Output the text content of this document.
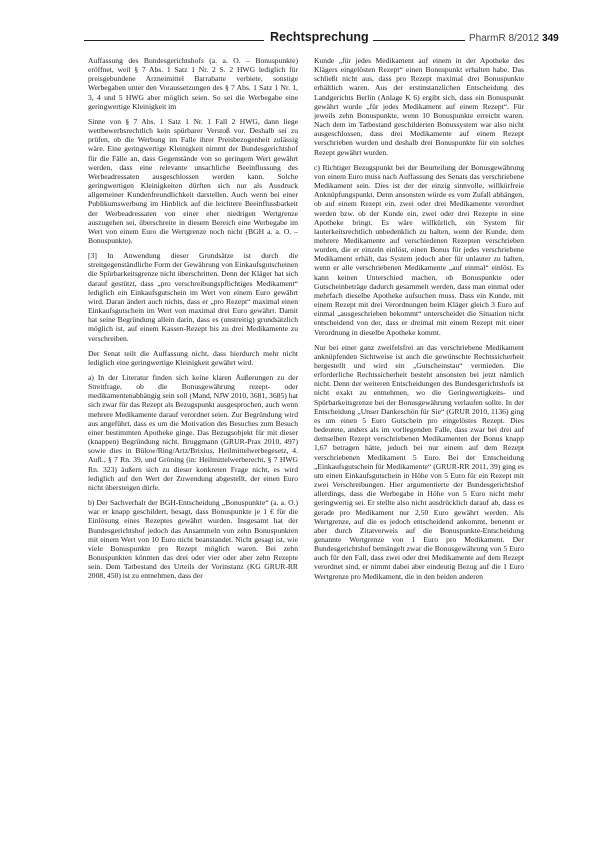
Rechtsprechung	PharmR 8/2012 349

Auffassung des Bundesgerichtshofs (a. a. O. – Bonuspunkte) eröffnet, weil § 7 Abs. 1 Satz 1 Nr. 2 S. 2 HWG lediglich für preisgebundene Arzneimittel Barrabatte verbiete, sonstige Werbegaben unter den Voraussetzungen des § 7 Abs. 1 Satz 1 Nr. 1, 3, 4 und 5 HWG aber möglich seien. So sei die Werbegabe eine geringwertige Kleinigkeit im

Sinne von § 7 Abs. 1 Satz 1 Nr. 1 Fall 2 HWG, dann liege wettbewerbsrechtlich kein spürbarer Verstoß vor. Deshalb sei zu prüfen, ob die Werbung im Falle ihrer Preisbezogenheit zulässig wäre. Eine geringwertige Kleinigkeit nimmt der Bundesgerichtshof für die Fälle an, dass Gegenstände von so geringem Wert gewährt werden, dass eine relevante unsachliche Beeinflussung des Werbeadressaten ausgeschlossen werden kann. Solche geringwertigen Kleinigkeiten dürften sich nur als Ausdruck allgemeiner Kundenfreundlichkeit darstellen. Auch wenn bei einer Publikumswerbung im Hinblick auf die leichtere Beeinflussbarkeit der Werbeadressaten von einer eher niedrigen Wertgrenze auszugehen sei, überschreite in diesem Bereich eine Werbegabe im Wert von einem Euro die Wertgrenze noch nicht (BGH a. a. O. – Bonuspunkte).

[3] In Anwendung dieser Grundsätze ist durch die streitgegenständliche Form der Gewährung von Einkaufsgutscheinen die Spürbarkeitsgrenze nicht überschritten. Denn der Kläger hat sich darauf gestützt, dass „pro verschreibungspflichtiges Medikament“ lediglich ein Einkaufsgutschein im Wert von einem Euro gewährt wird. Daran ändert auch nichts, dass er „pro Rezept“ maximal einen Einkaufsgutschein im Wert von maximal drei Euro gewährt. Damit hat seine Begründung allein darin, dass es (unstreitig) grundsätzlich möglich ist, auf einem Kassen-Rezept bis zu drei Medikamente zu verschreiben.

Der Senat teilt die Auffassung nicht, dass hierdurch mehr nicht lediglich eine geringwertige Kleinigkeit gewährt wird.

a) In der Literatur finden sich keine klaren Äußerungen zu der Streitfrage, ob die Bonusgewährung rezept- oder medikamentenabhängig sein soll (Mand, NJW 2010, 3681, 3685) hat sich zwar für das Rezept als Bezugspunkt ausgesprochen, auch wenn mehrere Medikamente darauf verordnet seien. Zur Begründung wird aus angeführt, dass es um die Motivation des Besuches zum Besuch einer bestimmten Apotheke ginge. Das Bezugsobjekt für mit dieser (knappen) Begründung nicht. Bruggmann (GRUR-Prax 2010, 497) sowie dies in Bülow/Ring/Artz/Brixius, Heilmittelwerbegesetz, 4. Aufl., § 7 Rn. 39, und Gröning (in: Heilmittelwerberecht, § 7 HWG Rn. 323) äußern sich zu dieser konkreten Frage nicht, es wird lediglich auf den Wert der Zuwendung abgestellt, der einen Euro nicht übersteigen dürfe.

b) Der Sachverhalt der BGH-Entscheidung „Bonuspunkte“ (a. a. O.) war er knapp geschildert, besagt, dass Bonuspunkte je 1 € für die Einlösung eines Rezeptes gewährt wurden. Insgesamt hat der Bundesgerichtshof jedoch das Ansammeln von zehn Bonuspunkten mit einem Wert von 10 Euro nicht beanstandet. Nicht gesagt ist, wie viele Bonuspunkte pro Rezept möglich waren. Bei zehn Bonuspunkten könnten das drei oder vier oder aber zehn Rezepte sein. Dem Tatbestand des Urteils der Vorinstanz (KG GRUR-RR 2008, 450) ist zu entnehmen, dass der

Kunde „für jedes Medikament auf einem in der Apotheke des Klägers eingelösten Rezept“ einen Bonuspunkt erhalten habe. Das schließt nicht aus, dass pro Rezept maximal drei Bonuspunkte erhältlich waren. Aus der erstinstanzlichen Entscheidung des Landgerichts Berlin (Anlage K 6) ergibt sich, dass ein Bonuspunkt gewährt wurde „für jedes Medikament auf einem Rezept“. Für jeweils zehn Bonuspunkte, wenn 10 Bonuspunkte erreicht waren. Nach dem im Tatbestand geschilderten Bonussystem war also nicht ausgeschlossen, dass drei Medikamente auf einem Rezept verschrieben wurden und deshalb drei Bonuspunkte für ein solches Rezept gewährt wurden.

c) Richtiger Bezugspunkt bei der Beurteilung der Bonusgewährung von einem Euro muss nach Auffassung des Senats das verschriebene Medikament sein. Dies ist der der einzig sinnvolle, willkürfreie Anknüpfungspunkt. Denn ansonsten würde es vom Zufall abhängen, ob auf einem Rezept ein, zwei oder drei Medikamente verordnet werden bzw. ob der Kunde ein, zwei oder drei Rezepte in eine Apotheke bringt. Es wäre willkürlich, ein System für lauterkeitsrechtlich unbedenklich zu halten, wenn der Kunde, dem mehrere Medikamente auf verschiedenen Rezepten verschrieben wurden, die er einzeln einlöst, einen Bonus für jedes verschriebene Medikament erhält, das System jedoch aber für unlauter zu halten, wenn er alle verschriebenen Medikamente „auf einmal“ einlöst. Es kann keinen Unterschied machen, ob Bonuspunkte oder Gutscheinbeträge dadurch gesammelt werden, dass man einmal oder mehrfach dieselbe Apotheke aufsuchen muss. Dass ein Kunde, mit einem Rezept mit drei Verordnungen beim Kläger gleich 3 Euro auf einmal „ausgeschrieben bekommt“ unterscheidet die Situation nicht entscheidend von der, dass er dreimal mit einem Rezept mit einer Verordnung in dieselbe Apotheke kommt.

Nur bei einer ganz zweifelsfrei an das verschriebene Medikament anknüpfenden Sichtweise ist auch die gewünschte Rechtssicherheit hergestellt und wird ein „Gutscheinstau“ vermieden. Die erforderliche Rechtssicherheit besteht ansonsten bei jetzt nämlich nicht. Denn der weiteren Entscheidungen des Bundesgerichtshofs ist nicht exakt zu entnehmen, wo die Geringwertigkeits- und Spürbarkeitsgrenze bei der Bonusgewährung verlaufen sollte. In der Entscheidung „Unser Dankeschön für Sie“ (GRUR 2010, 1136) ging es um einen 5 Euro Gutschein pro eingelöstes Rezept. Dies bedeutete, anders als im vorliegenden Falle, dass zwar bei drei auf demselben Rezept verschriebenen Medikamenten der Bonus knapp 1,67 betragen hätte, jedoch bei nur einem auf dem Rezept verschriebenen Medikament 5 Euro. Bei der Entscheidung „Einkaufsgutschein für Medikamente“ (GRUR-RR 2011, 39) ging es um einen Einkaufsgutschein in Höhe von 5 Euro für ein Rezept mit zwei Verschreibungen. Hier argumentierte der Bundesgerichtshof allerdings, dass die Werbegabe in Höhe von 5 Euro nicht mehr geringwertig sei. Er stellte also nicht ausdrücklich darauf ab, dass es gerade pro Medikament nur 2,50 Euro gewährt werden. Als Wertgrenze, auf die es jedoch entscheidend ankommt, benennt er aber durch Zitatverweis auf die Bonuspunkte-Entscheidung genannte Wertgrenze von 1 Euro pro Medikament. Der Bundesgerichtshof bemängelt zwar die Bonusgewährung von 5 Euro auch für den Fall, dass zwei oder drei Medikamente auf dem Rezept verordnet sind, er nimmt dabei aber eindeutig Bezug auf die 1 Euro Wertgrenze pro Medikament, die in den beiden anderen
